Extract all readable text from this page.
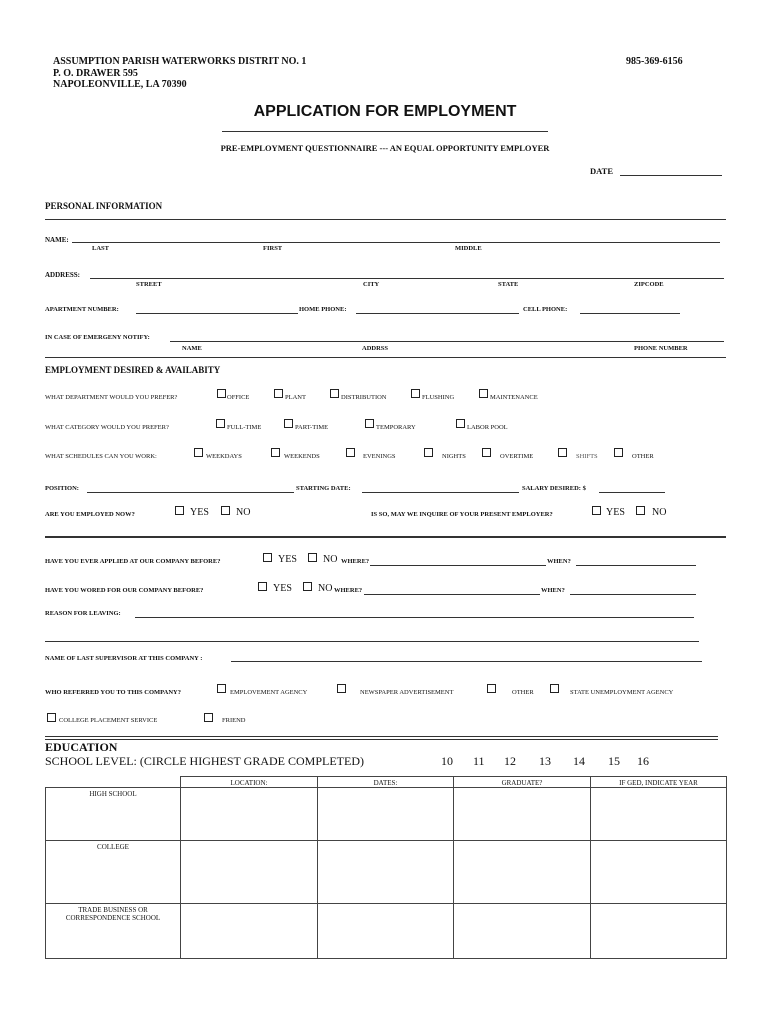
ASSUMPTION PARISH WATERWORKS DISTRIT NO. 1
P. O. DRAWER 595
NAPOLEONVILLE, LA 70390
985-369-6156
APPLICATION FOR EMPLOYMENT
PRE-EMPLOYMENT QUESTIONNAIRE --- AN EQUAL OPPORTUNITY EMPLOYER
DATE
PERSONAL INFORMATION
NAME:
LAST	FIRST	MIDDLE
ADDRESS:
STREET	CITY	STATE	ZIPCODE
APARTMENT NUMBER:	HOME PHONE:	CELL PHONE:
IN CASE OF EMERGENY NOTIFY:
NAME	ADDRSS	PHONE NUMBER
EMPLOYMENT DESIRED & AVAILABITY
WHAT DEPARTMENT WOULD YOU PREFER?	OFFICE	PLANT	DISTRIBUTION	FLUSHING	MAINTENANCE
WHAT CATEGORY WOULD YOU PREFER?	FULL-TIME	PART-TIME	TEMPORARY	LABOR POOL
WHAT SCHEDULES CAN YOU WORK:	WEEKDAYS	WEEKENDS	EVENINGS	NIGHTS	OVERTIME	SHIFTS	OTHER
POSITION:	STARTING DATE:	SALARY DESIRED: $
ARE YOU EMPLOYED NOW?	YES	NO	IS SO, MAY WE INQUIRE OF YOUR PRESENT EMPLOYER?	YES	NO
HAVE YOU EVER APPLIED AT OUR COMPANY BEFORE?	YES	NO WHERE?	WHEN?
HAVE YOU WORED FOR OUR COMPANY BEFORE?	YES	NO WHERE?	WHEN?
REASON FOR LEAVING:
NAME OF LAST SUPERVISOR AT THIS COMPANY :
WHO REFERRED YOU TO THIS COMPANY?	EMPLOVEMENT AGENCY	NEWSPAPER ADVERTISEMENT	OTHER	STATE UNEMPLOYMENT AGENCY
COLLEGE PLACEMENT SERVICE	FRIEND
EDUCATION
SCHOOL LEVEL: (CIRCLE HIGHEST GRADE COMPLETED)	10 11 12 13 14 15 16
	LOCATION:	DATES:	GRADUATE?	IF GED, INDICATE YEAR
HIGH SCHOOL				
COLLEGE				
TRADE BUSINESS OR CORRESPONDENCE SCHOOL				
